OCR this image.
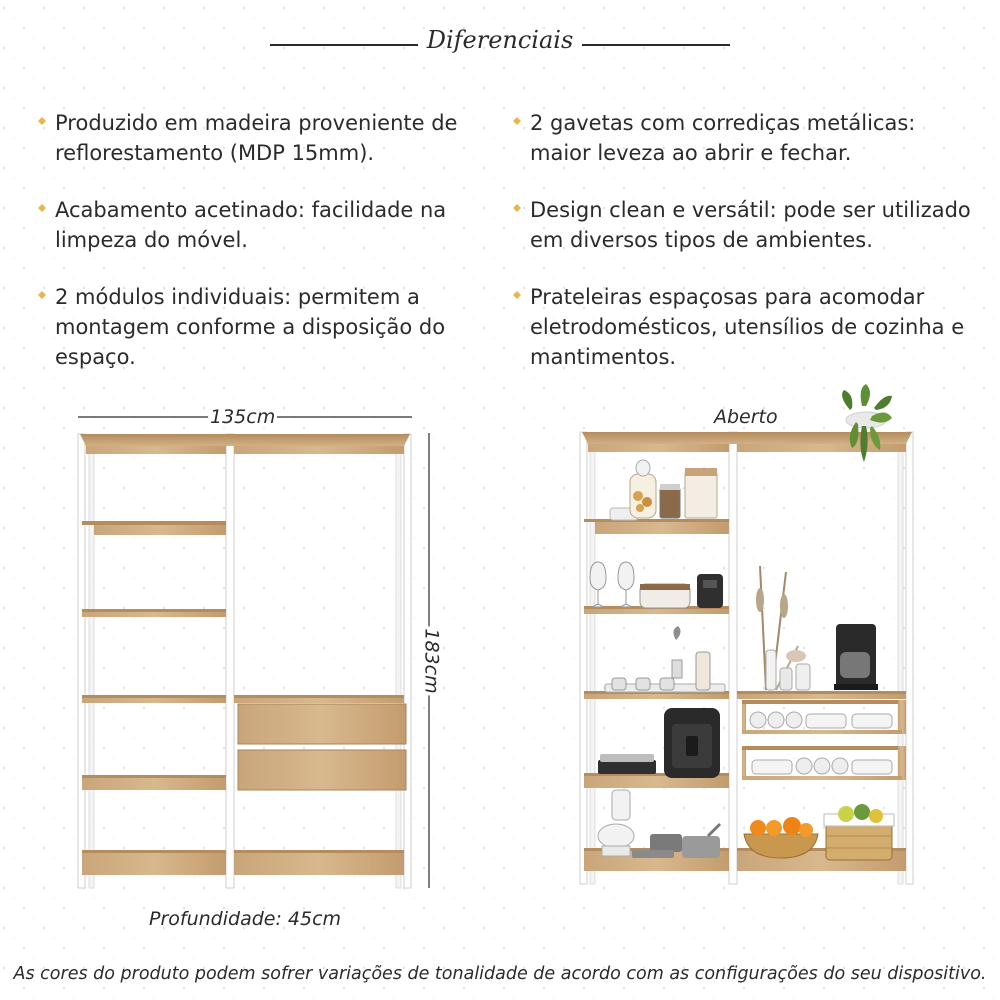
Diferenciais
Produzido em madeira proveniente de
reflorestamento (MDP 15mm).
Acabamento acetinado: facilidade na
limpeza do móvel.
2 módulos individuais: permitem a
montagem conforme a disposição do
espaço.
2 gavetas com corrediças metálicas:
maior leveza ao abrir e fechar.
Design clean e versátil: pode ser utilizado
em diversos tipos de ambientes.
Prateleiras espaçosas para acomodar
eletrodomésticos, utensílios de cozinha e
mantimentos.
135cm
183cm
Profundidade: 45cm
Aberto
As cores do produto podem sofrer variações de tonalidade de acordo com as configurações do seu dispositivo.
